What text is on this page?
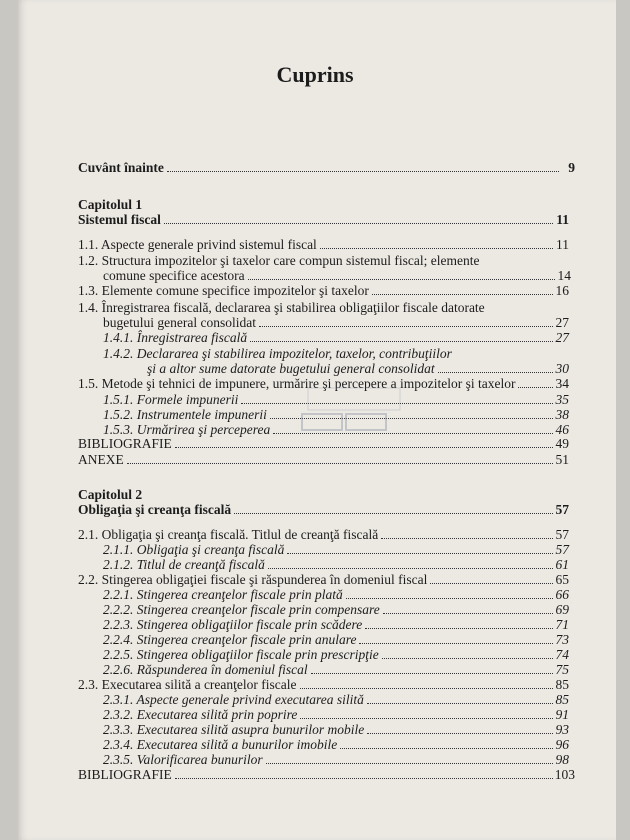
Cuprins
Cuvânt înainte	9
Capitolul 1
Sistemul fiscal	11
1.1. Aspecte generale privind sistemul fiscal	11
1.2. Structura impozitelor şi taxelor care compun sistemul fiscal; elemente
comune specifice acestora	14
1.3. Elemente comune specifice impozitelor şi taxelor	16
1.4. Înregistrarea fiscală, declararea şi stabilirea obligaţiilor fiscale datorate
bugetului general consolidat	27
1.4.1. Înregistrarea fiscală	27
1.4.2. Declararea şi stabilirea impozitelor, taxelor, contribuţiilor
şi a altor sume datorate bugetului general consolidat	30
1.5. Metode şi tehnici de impunere, urmărire şi percepere a impozitelor şi taxelor	34
1.5.1. Formele impunerii	35
1.5.2. Instrumentele impunerii	38
1.5.3. Urmărirea şi perceperea	46
BIBLIOGRAFIE	49
ANEXE	51
Capitolul 2
Obligaţia şi creanţa fiscală	57
2.1. Obligaţia şi creanţa fiscală. Titlul de creanţă fiscală	57
2.1.1. Obligaţia şi creanţa fiscală	57
2.1.2. Titlul de creanţă fiscală	61
2.2. Stingerea obligaţiei fiscale şi răspunderea în domeniul fiscal	65
2.2.1. Stingerea creanţelor fiscale prin plată	66
2.2.2. Stingerea creanţelor fiscale prin compensare	69
2.2.3. Stingerea obligaţiilor fiscale prin scădere	71
2.2.4. Stingerea creanţelor fiscale prin anulare	73
2.2.5. Stingerea obligaţiilor fiscale prin prescripţie	74
2.2.6. Răspunderea în domeniul fiscal	75
2.3. Executarea silită a creanţelor fiscale	85
2.3.1. Aspecte generale privind executarea silită	85
2.3.2. Executarea silită prin poprire	91
2.3.3. Executarea silită asupra bunurilor mobile	93
2.3.4. Executarea silită a bunurilor imobile	96
2.3.5. Valorificarea bunurilor	98
BIBLIOGRAFIE	103
